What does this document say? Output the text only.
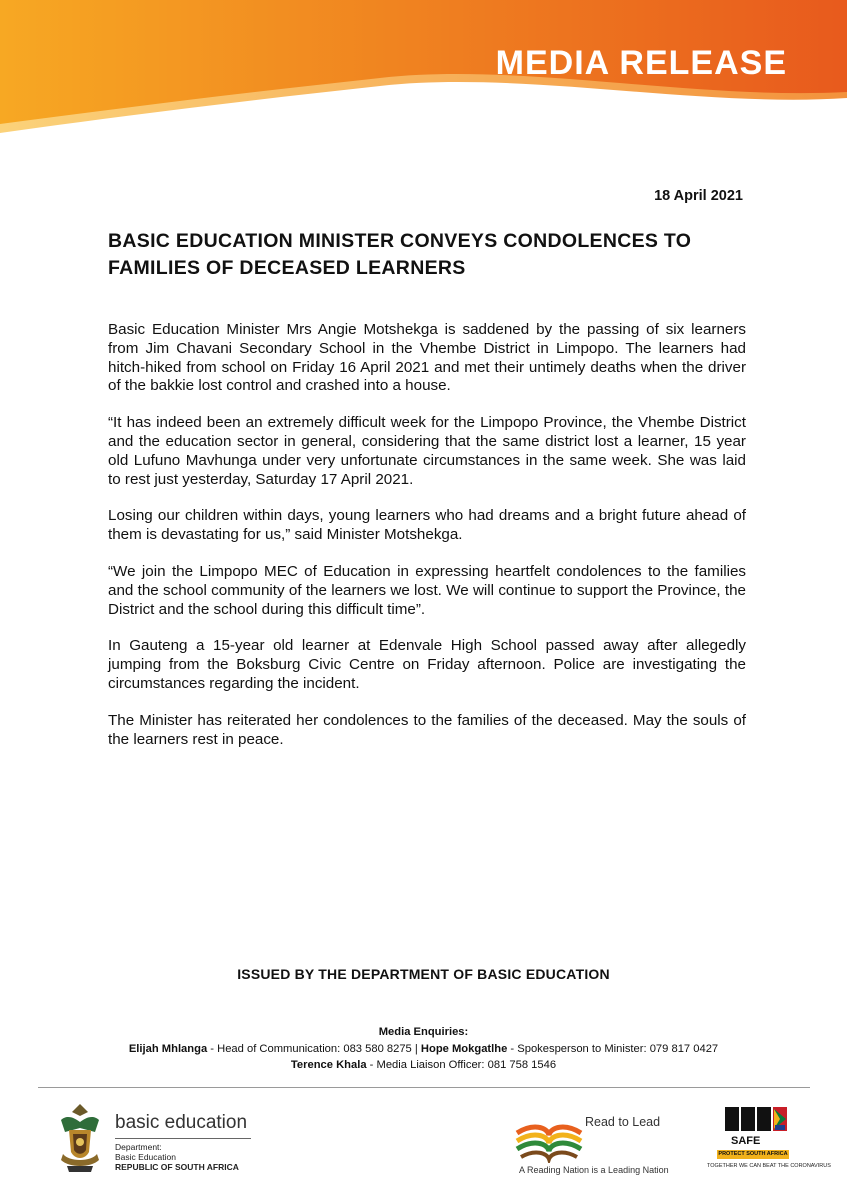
MEDIA RELEASE
18 April 2021
BASIC EDUCATION MINISTER CONVEYS CONDOLENCES TO FAMILIES OF DECEASED LEARNERS

Basic Education Minister Mrs Angie Motshekga is saddened by the passing of six learners from Jim Chavani Secondary School in the Vhembe District in Limpopo. The learners had hitch-hiked from school on Friday 16 April 2021 and met their untimely deaths when the driver of the bakkie lost control and crashed into a house.

“It has indeed been an extremely difficult week for the Limpopo Province, the Vhembe District and the education sector in general, considering that the same district lost a learner, 15 year old Lufuno Mavhunga under very unfortunate circumstances in the same week. She was laid to rest just yesterday, Saturday 17 April 2021.

Losing our children within days, young learners who had dreams and a bright future ahead of them is devastating for us,” said Minister Motshekga.

“We join the Limpopo MEC of Education in expressing heartfelt condolences to the families and the school community of the learners we lost. We will continue to support the Province, the District and the school during this difficult time”.

In Gauteng a 15-year old learner at Edenvale High School passed away after allegedly jumping from the Boksburg Civic Centre on Friday afternoon. Police are investigating the circumstances regarding the incident.

The Minister has reiterated her condolences to the families of the deceased. May the souls of the learners rest in peace.

ISSUED BY THE DEPARTMENT OF BASIC EDUCATION
Media Enquiries:
Elijah Mhlanga - Head of Communication: 083 580 8275 | Hope Mokgatlhe - Spokesperson to Minister: 079 817 0427
Terence Khala - Media Liaison Officer: 081 758 1546
basic education
Department:
Basic Education
REPUBLIC OF SOUTH AFRICA
Read to Lead
A Reading Nation is a Leading Nation
SAFE
PROTECT SOUTH AFRICA
TOGETHER WE CAN BEAT THE CORONAVIRUS
